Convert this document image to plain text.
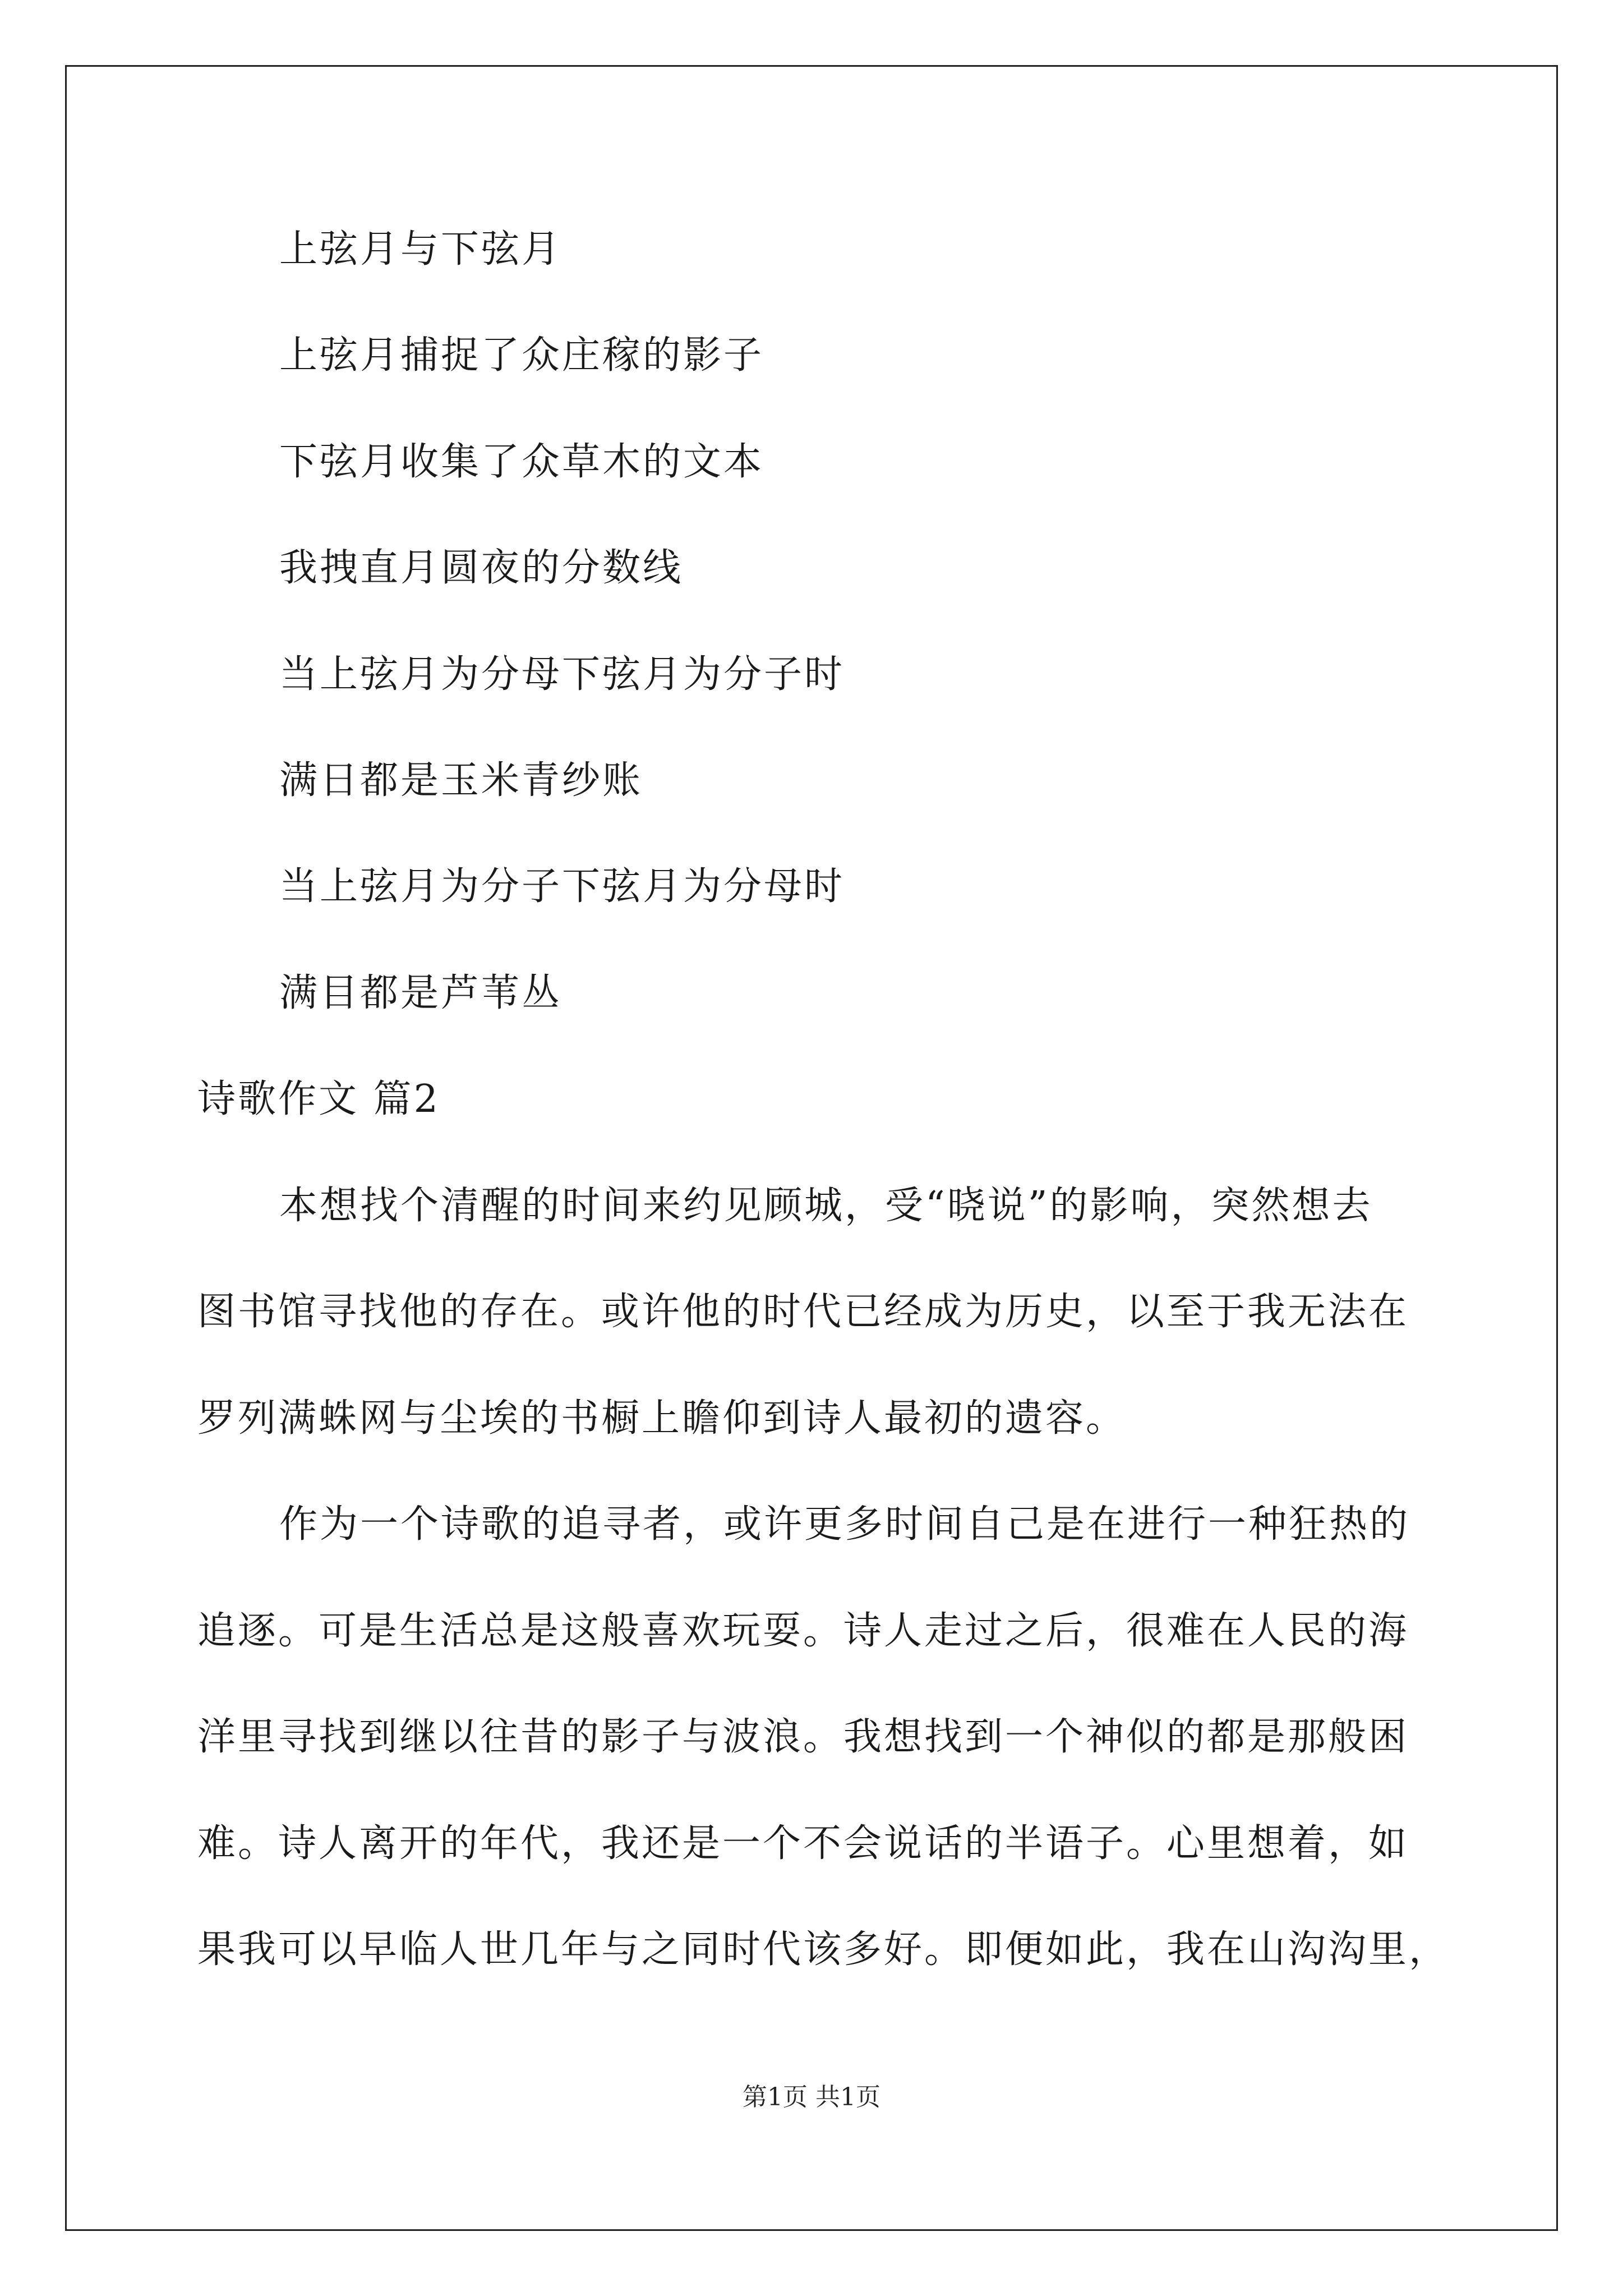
上弦月与下弦月
上弦月捕捉了众庄稼的影子
下弦月收集了众草木的文本
我拽直月圆夜的分数线
当上弦月为分母下弦月为分子时
满日都是玉米青纱账
当上弦月为分子下弦月为分母时
满目都是芦苇丛
诗歌作文 篇2
本想找个清醒的时间来约见顾城，受“晓说”的影响，突然想去
图书馆寻找他的存在。或许他的时代已经成为历史，以至于我无法在
罗列满蛛网与尘埃的书橱上瞻仰到诗人最初的遗容。
作为一个诗歌的追寻者，或许更多时间自己是在进行一种狂热的
追逐。可是生活总是这般喜欢玩耍。诗人走过之后，很难在人民的海
洋里寻找到继以往昔的影子与波浪。我想找到一个神似的都是那般困
难。诗人离开的年代，我还是一个不会说话的半语子。心里想着，如
果我可以早临人世几年与之同时代该多好。即便如此，我在山沟沟里，
第1页 共1页
